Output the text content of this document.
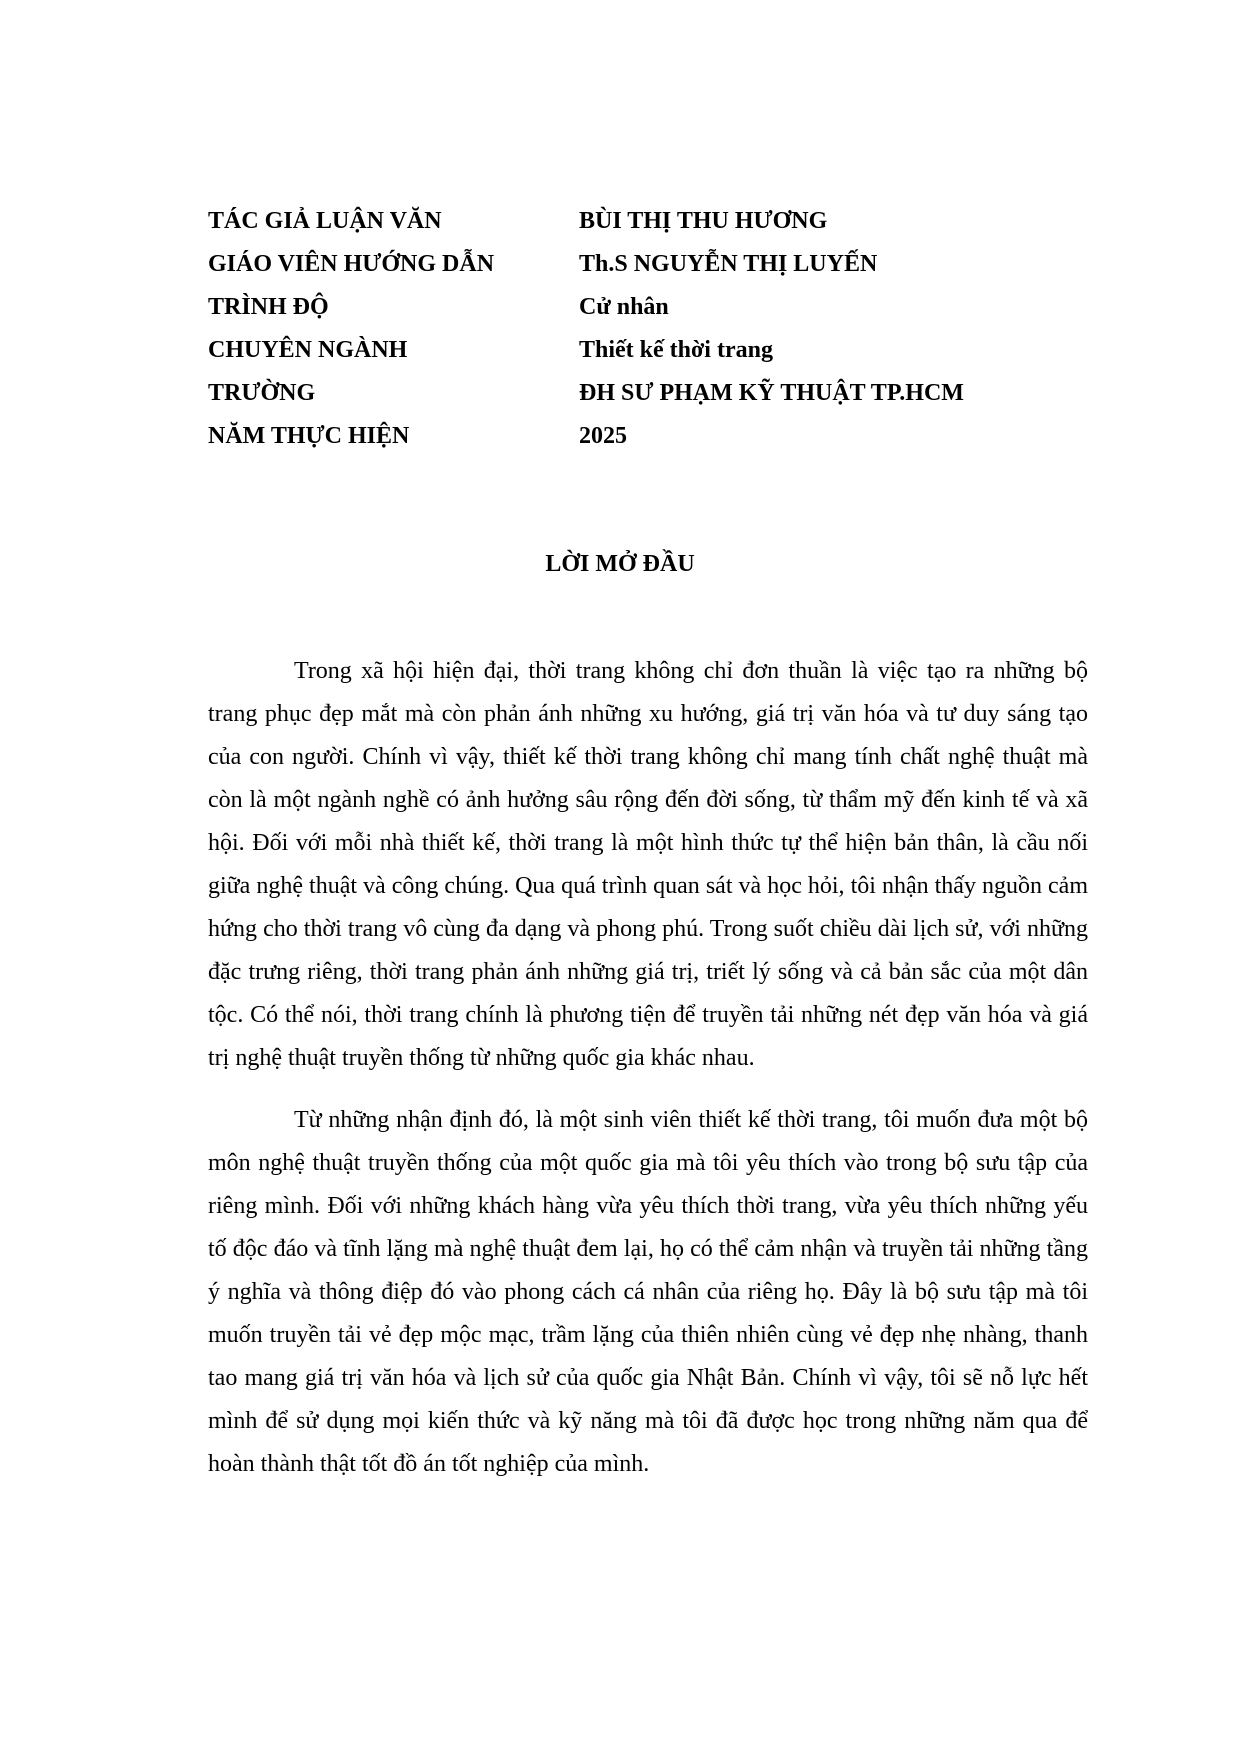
TÁC GIẢ LUẬN VĂN	BÙI THỊ THU HƯƠNG
GIÁO VIÊN HƯỚNG DẪN	Th.S NGUYỄN THỊ LUYẾN
TRÌNH ĐỘ	Cử nhân
CHUYÊN NGÀNH	Thiết kế thời trang
TRƯỜNG	ĐH SƯ PHẠM KỸ THUẬT TP.HCM
NĂM THỰC HIỆN	2025
LỜI MỞ ĐẦU

Trong xã hội hiện đại, thời trang không chỉ đơn thuần là việc tạo ra những bộ trang phục đẹp mắt mà còn phản ánh những xu hướng, giá trị văn hóa và tư duy sáng tạo của con người. Chính vì vậy, thiết kế thời trang không chỉ mang tính chất nghệ thuật mà còn là một ngành nghề có ảnh hưởng sâu rộng đến đời sống, từ thẩm mỹ đến kinh tế và xã hội. Đối với mỗi nhà thiết kế, thời trang là một hình thức tự thể hiện bản thân, là cầu nối giữa nghệ thuật và công chúng. Qua quá trình quan sát và học hỏi, tôi nhận thấy nguồn cảm hứng cho thời trang vô cùng đa dạng và phong phú. Trong suốt chiều dài lịch sử, với những đặc trưng riêng, thời trang phản ánh những giá trị, triết lý sống và cả bản sắc của một dân tộc. Có thể nói, thời trang chính là phương tiện để truyền tải những nét đẹp văn hóa và giá trị nghệ thuật truyền thống từ những quốc gia khác nhau.

Từ những nhận định đó, là một sinh viên thiết kế thời trang, tôi muốn đưa một bộ môn nghệ thuật truyền thống của một quốc gia mà tôi yêu thích vào trong bộ sưu tập của riêng mình. Đối với những khách hàng vừa yêu thích thời trang, vừa yêu thích những yếu tố độc đáo và tĩnh lặng mà nghệ thuật đem lại, họ có thể cảm nhận và truyền tải những tầng ý nghĩa và thông điệp đó vào phong cách cá nhân của riêng họ. Đây là bộ sưu tập mà tôi muốn truyền tải vẻ đẹp mộc mạc, trầm lặng của thiên nhiên cùng vẻ đẹp nhẹ nhàng, thanh tao mang giá trị văn hóa và lịch sử của quốc gia Nhật Bản. Chính vì vậy, tôi sẽ nỗ lực hết mình để sử dụng mọi kiến thức và kỹ năng mà tôi đã được học trong những năm qua để hoàn thành thật tốt đồ án tốt nghiệp của mình.
